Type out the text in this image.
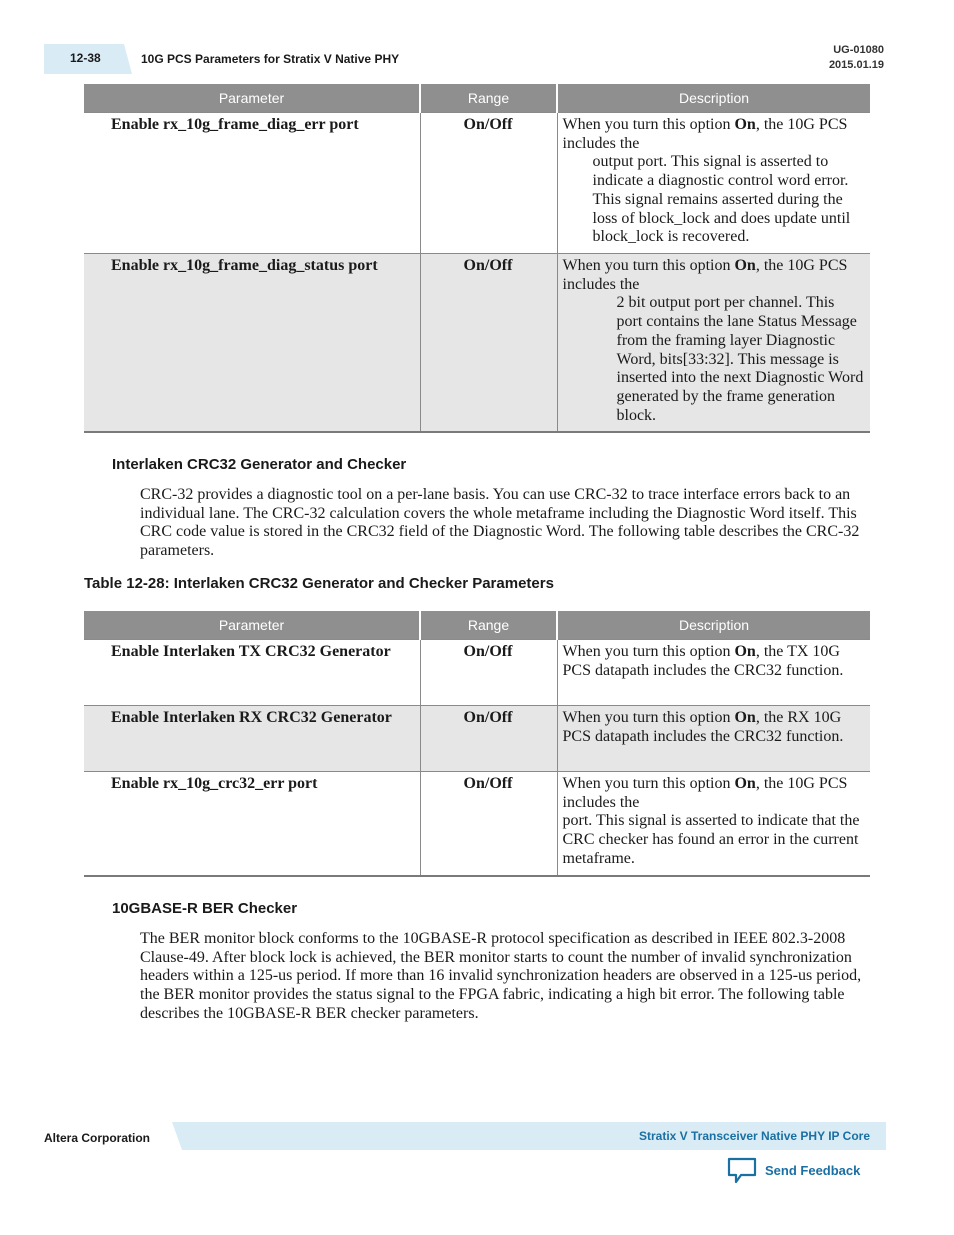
12-38	10G PCS Parameters for Stratix V Native PHY
UG-01080
2015.01.19
Parameter	Range	Description
Enable rx_10g_frame_diag_err port	On/Off	When you turn this option On, the 10G PCS includes the
output port. This signal is asserted to indicate a diagnostic control word error. This signal remains asserted during the loss of block_lock and does update until block_lock is recovered.

Enable rx_10g_frame_diag_status port	On/Off	When you turn this option On, the 10G PCS includes the
2 bit output port per channel. This port contains the lane Status Message from the framing layer Diagnostic Word, bits[33:32]. This message is inserted into the next Diagnostic Word generated by the frame generation block.
Interlaken CRC32 Generator and Checker
CRC-32 provides a diagnostic tool on a per-lane basis. You can use CRC-32 to trace interface errors back to an individual lane. The CRC-32 calculation covers the whole metaframe including the Diagnostic Word itself. This CRC code value is stored in the CRC32 field of the Diagnostic Word. The following table describes the CRC-32 parameters.
Table 12-28: Interlaken CRC32 Generator and Checker Parameters
Parameter	Range	Description
Enable Interlaken TX CRC32 Generator	On/Off	When you turn this option On, the TX 10G PCS datapath includes the CRC32 function.
Enable Interlaken RX CRC32 Generator	On/Off	When you turn this option On, the RX 10G PCS datapath includes the CRC32 function.
Enable rx_10g_crc32_err port	On/Off	When you turn this option On, the 10G PCS includes the
port. This signal is asserted to indicate that the CRC checker has found an error in the current metaframe.
10GBASE-R BER Checker
The BER monitor block conforms to the 10GBASE-R protocol specification as described in IEEE 802.3-2008 Clause-49. After block lock is achieved, the BER monitor starts to count the number of invalid synchronization headers within a 125-us period. If more than 16 invalid synchronization headers are observed in a 125-us period, the BER monitor provides the status signal to the FPGA fabric, indicating a high bit error. The following table describes the 10GBASE-R BER checker parameters.
Altera Corporation	Stratix V Transceiver Native PHY IP Core
Send Feedback
